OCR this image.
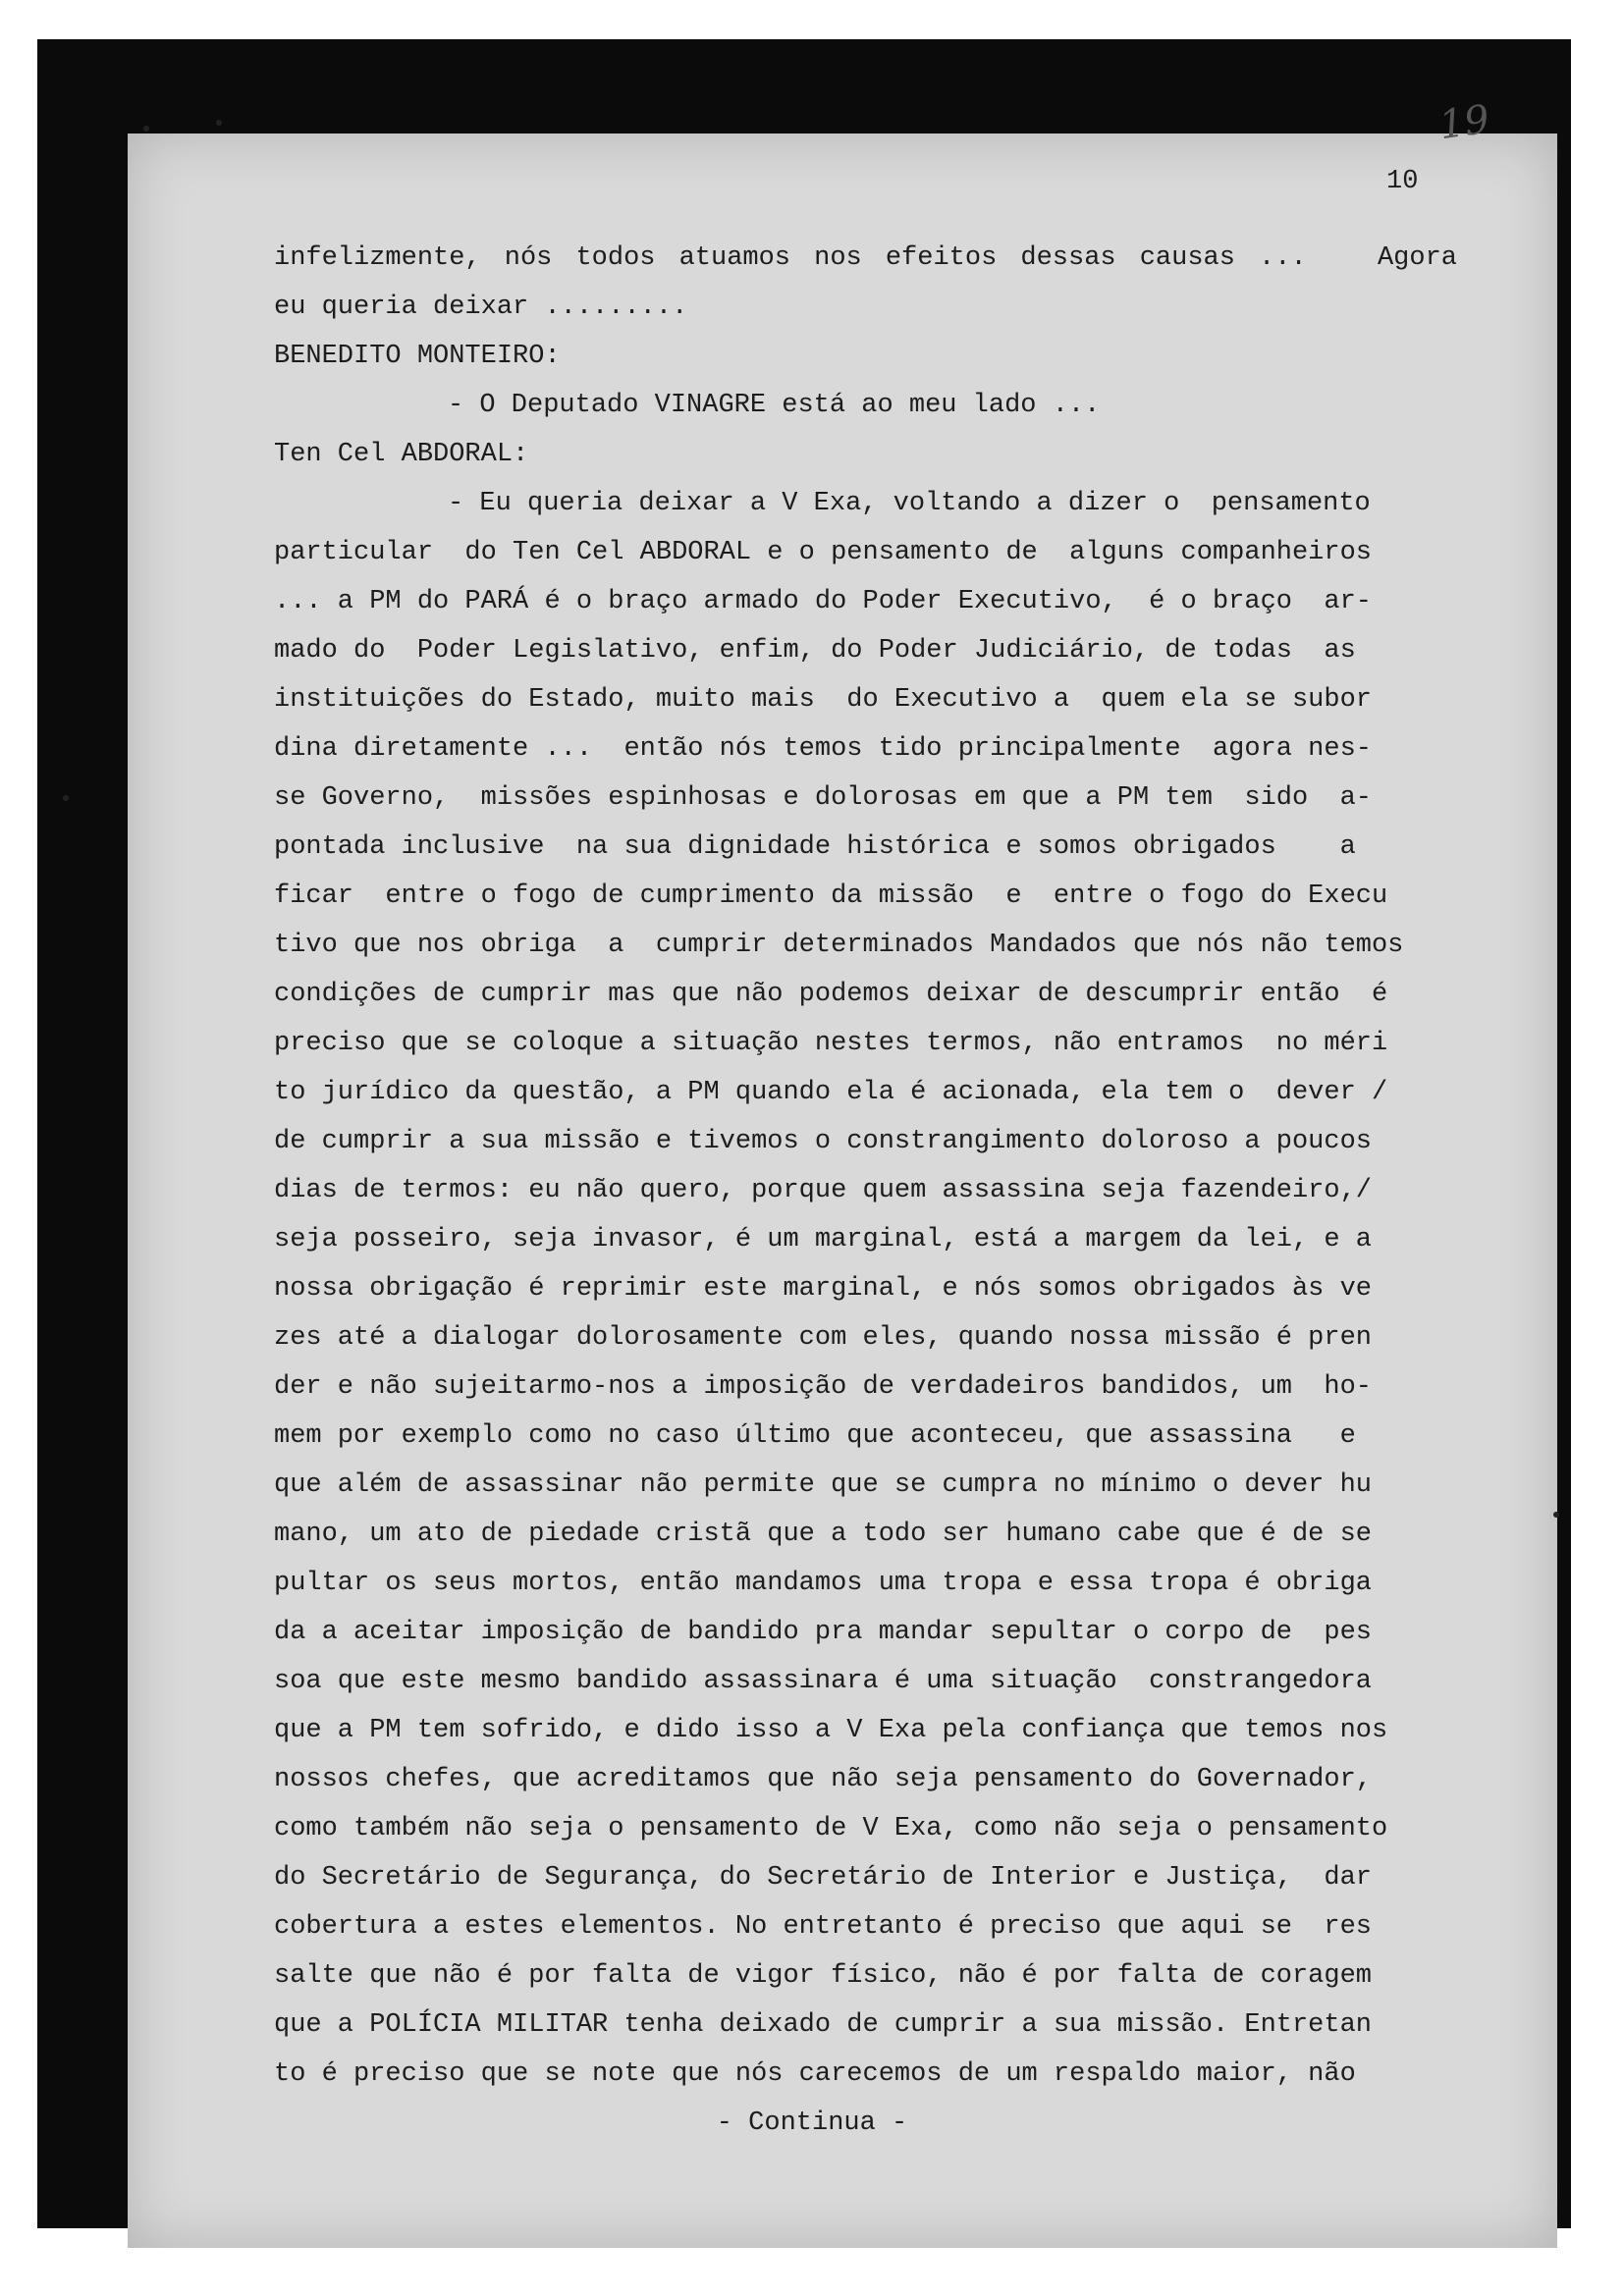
19
10
infelizmente, nós todos atuamos nos efeitos dessas causas ...   Agora
eu queria deixar .........
BENEDITO MONTEIRO:
- O Deputado VINAGRE está ao meu lado ...
Ten Cel ABDORAL:
- Eu queria deixar a V Exa, voltando a dizer o  pensamento
particular  do Ten Cel ABDORAL e o pensamento de  alguns companheiros
... a PM do PARÁ é o braço armado do Poder Executivo,  é o braço  ar-
mado do  Poder Legislativo, enfim, do Poder Judiciário, de todas  as
instituições do Estado, muito mais  do Executivo a  quem ela se subor
dina diretamente ...  então nós temos tido principalmente  agora nes-
se Governo,  missões espinhosas e dolorosas em que a PM tem  sido  a-
pontada inclusive  na sua dignidade histórica e somos obrigados    a
ficar  entre o fogo de cumprimento da missão  e  entre o fogo do Execu
tivo que nos obriga  a  cumprir determinados Mandados que nós não temos
condições de cumprir mas que não podemos deixar de descumprir então  é
preciso que se coloque a situação nestes termos, não entramos  no méri
to jurídico da questão, a PM quando ela é acionada, ela tem o  dever /
de cumprir a sua missão e tivemos o constrangimento doloroso a poucos
dias de termos: eu não quero, porque quem assassina seja fazendeiro,/
seja posseiro, seja invasor, é um marginal, está a margem da lei, e a
nossa obrigação é reprimir este marginal, e nós somos obrigados às ve
zes até a dialogar dolorosamente com eles, quando nossa missão é pren
der e não sujeitarmo-nos a imposição de verdadeiros bandidos, um  ho-
mem por exemplo como no caso último que aconteceu, que assassina   e
que além de assassinar não permite que se cumpra no mínimo o dever hu
mano, um ato de piedade cristã que a todo ser humano cabe que é de se
pultar os seus mortos, então mandamos uma tropa e essa tropa é obriga
da a aceitar imposição de bandido pra mandar sepultar o corpo de  pes
soa que este mesmo bandido assassinara é uma situação  constrangedora
que a PM tem sofrido, e dido isso a V Exa pela confiança que temos nos
nossos chefes, que acreditamos que não seja pensamento do Governador,
como também não seja o pensamento de V Exa, como não seja o pensamento
do Secretário de Segurança, do Secretário de Interior e Justiça,  dar
cobertura a estes elementos. No entretanto é preciso que aqui se  res
salte que não é por falta de vigor físico, não é por falta de coragem
que a POLÍCIA MILITAR tenha deixado de cumprir a sua missão. Entretan
to é preciso que se note que nós carecemos de um respaldo maior, não
- Continua -
